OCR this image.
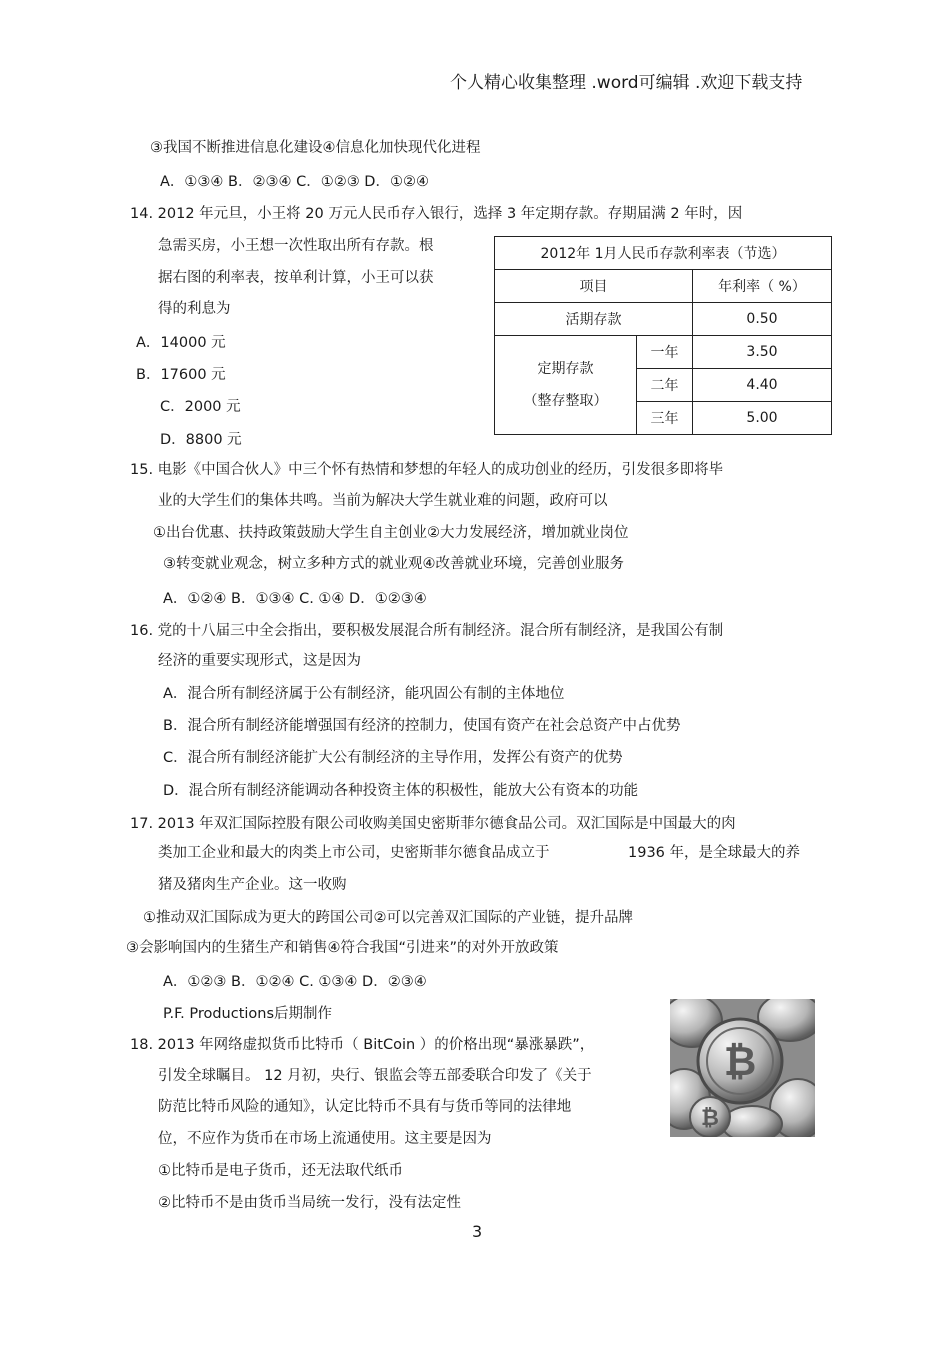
个人精心收集整理 .word可编辑 .欢迎下载支持
③我国不断推进信息化建设④信息化加快现代化进程
A．①③④ B．②③④ C．①②③ D．①②④
14. 2012 年元旦，小王将 20 万元人民币存入银行，选择 3 年定期存款。存期届满 2 年时，因
急需买房，小王想一次性取出所有存款。根
据右图的利率表，按单利计算，小王可以获
得的利息为
A．14000 元
B．17600 元
C．2000 元
D．8800 元
2012年 1月人民币存款利率表（节选）		
项目		年利率（ %）
活期存款		0.50

定期存款
（整存整取）	一年	3.50
	二年	4.40
	三年	5.00
15. 电影《中国合伙人》中三个怀有热情和梦想的年轻人的成功创业的经历，引发很多即将毕
业的大学生们的集体共鸣。当前为解决大学生就业难的问题，政府可以
①出台优惠、扶持政策鼓励大学生自主创业②大力发展经济，增加就业岗位
③转变就业观念，树立多种方式的就业观④改善就业环境，完善创业服务
A．①②④ B．①③④ C. ①④ D．①②③④
16. 党的十八届三中全会指出，要积极发展混合所有制经济。混合所有制经济，是我国公有制
经济的重要实现形式，这是因为
A．混合所有制经济属于公有制经济，能巩固公有制的主体地位
B．混合所有制经济能增强国有经济的控制力，使国有资产在社会总资产中占优势
C．混合所有制经济能扩大公有制经济的主导作用，发挥公有资产的优势
D．混合所有制经济能调动各种投资主体的积极性，能放大公有资本的功能
17. 2013 年双汇国际控股有限公司收购美国史密斯菲尔德食品公司。双汇国际是中国最大的肉
类加工企业和最大的肉类上市公司，史密斯菲尔德食品成立于	1936 年，是全球最大的养
猪及猪肉生产企业。这一收购
①推动双汇国际成为更大的跨国公司②可以完善双汇国际的产业链，提升品牌
③会影响国内的生猪生产和销售④符合我国“引进来”的对外开放政策
A．①②③ B．①②④ C. ①③④ D．②③④
P.F. Productions后期制作
18. 2013 年网络虚拟货币比特币（ BitCoin ）的价格出现“暴涨暴跌”，
引发全球瞩目。 12 月初，央行、银监会等五部委联合印发了《关于
防范比特币风险的通知》，认定比特币不具有与货币等同的法律地
位，不应作为货币在市场上流通使用。这主要是因为
①比特币是电子货币，还无法取代纸币
②比特币不是由货币当局统一发行，没有法定性
₿
₿
3
